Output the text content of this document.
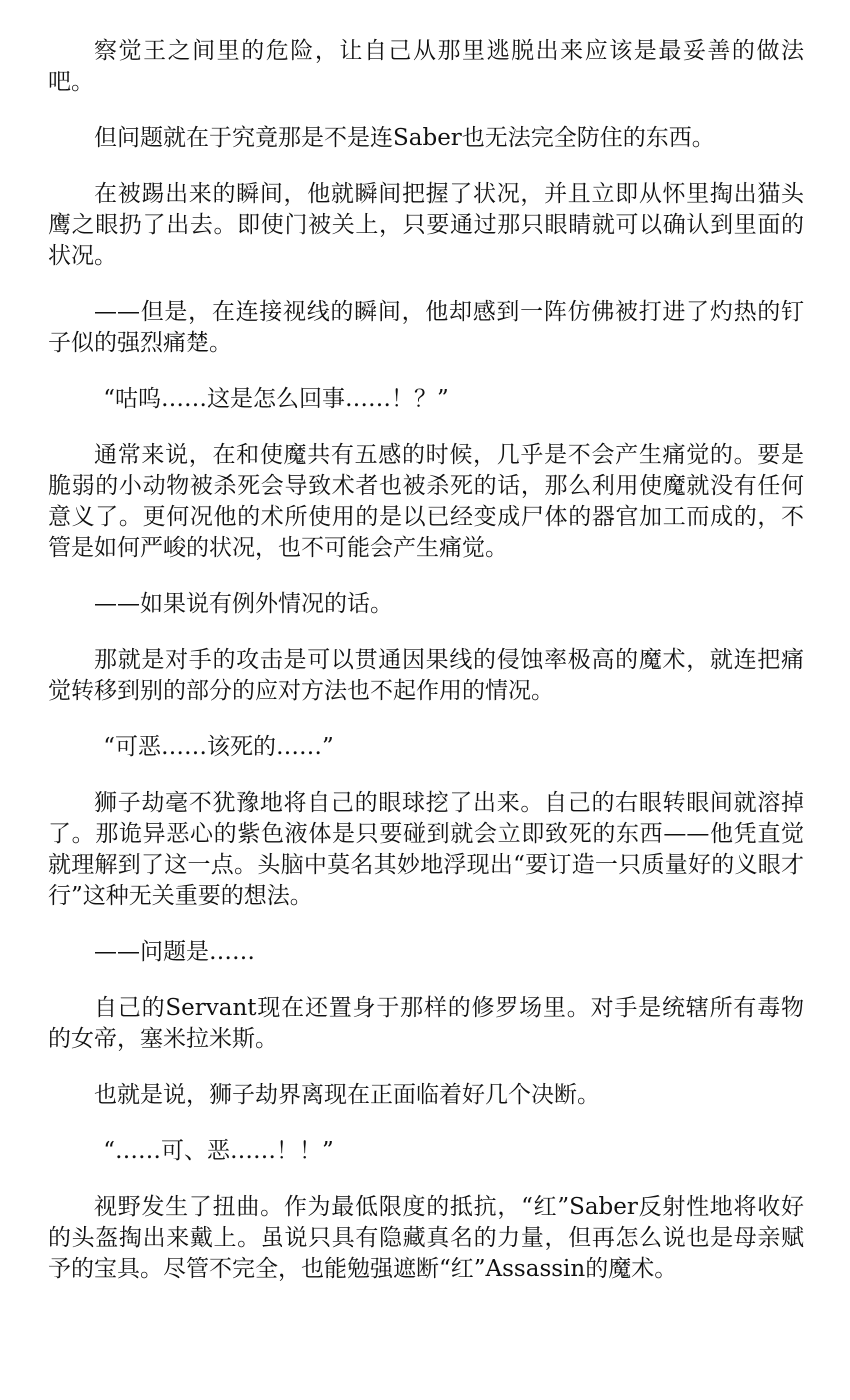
察觉王之间里的危险，让自己从那里逃脱出来应该是最妥善的做法吧。

但问题就在于究竟那是不是连Saber也无法完全防住的东西。

在被踢出来的瞬间，他就瞬间把握了状况，并且立即从怀里掏出猫头鹰之眼扔了出去。即使门被关上，只要通过那只眼睛就可以确认到里面的状况。

——但是，在连接视线的瞬间，他却感到一阵仿佛被打进了灼热的钉子似的强烈痛楚。

“咕呜……这是怎么回事……！？”

通常来说，在和使魔共有五感的时候，几乎是不会产生痛觉的。要是脆弱的小动物被杀死会导致术者也被杀死的话，那么利用使魔就没有任何意义了。更何况他的术所使用的是以已经变成尸体的器官加工而成的，不管是如何严峻的状况，也不可能会产生痛觉。

——如果说有例外情况的话。

那就是对手的攻击是可以贯通因果线的侵蚀率极高的魔术，就连把痛觉转移到别的部分的应对方法也不起作用的情况。

“可恶……该死的……”

狮子劫毫不犹豫地将自己的眼球挖了出来。自己的右眼转眼间就溶掉了。那诡异恶心的紫色液体是只要碰到就会立即致死的东西——他凭直觉就理解到了这一点。头脑中莫名其妙地浮现出“要订造一只质量好的义眼才行”这种无关重要的想法。

——问题是……

自己的Servant现在还置身于那样的修罗场里。对手是统辖所有毒物的女帝，塞米拉米斯。

也就是说，狮子劫界离现在正面临着好几个决断。

“……可、恶……！！”

视野发生了扭曲。作为最低限度的抵抗，“红”Saber反射性地将收好的头盔掏出来戴上。虽说只具有隐藏真名的力量，但再怎么说也是母亲赋予的宝具。尽管不完全，也能勉强遮断“红”Assassin的魔术。
